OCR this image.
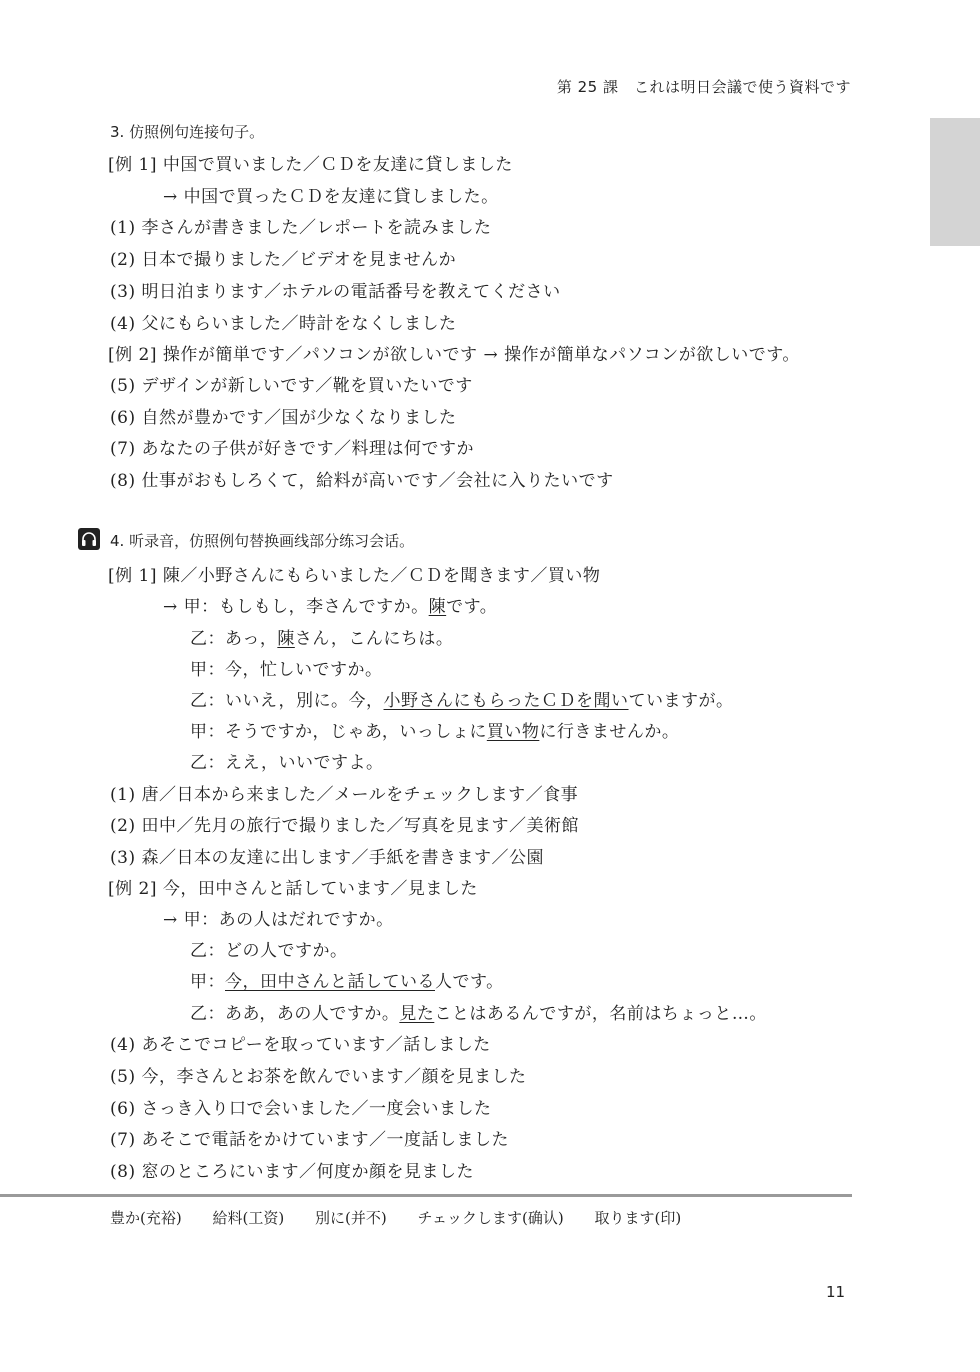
第 25 課　これは明日会議で使う資料です
3. 仿照例句连接句子。
[例 1] 中国で買いました／ＣＤを友達に貸しました
→ 中国で買ったＣＤを友達に貸しました。
(1) 李さんが書きました／レポートを読みました
(2) 日本で撮りました／ビデオを見ませんか
(3) 明日泊まります／ホテルの電話番号を教えてください
(4) 父にもらいました／時計をなくしました
[例 2] 操作が簡単です／パソコンが欲しいです → 操作が簡単なパソコンが欲しいです。
(5) デザインが新しいです／靴を買いたいです
(6) 自然が豊かです／国が少なくなりました
(7) あなたの子供が好きです／料理は何ですか
(8) 仕事がおもしろくて，給料が高いです／会社に入りたいです
4. 听录音，仿照例句替换画线部分练习会话。
[例 1] 陳／小野さんにもらいました／ＣＤを聞きます／買い物
→ 甲：もしもし，李さんですか。陳です。
乙：あっ，陳さん，こんにちは。
甲：今，忙しいですか。
乙：いいえ，別に。今，小野さんにもらったＣＤを聞いていますが。
甲：そうですか，じゃあ，いっしょに買い物に行きませんか。
乙：ええ，いいですよ。
(1) 唐／日本から来ました／メールをチェックします／食事
(2) 田中／先月の旅行で撮りました／写真を見ます／美術館
(3) 森／日本の友達に出します／手紙を書きます／公園
[例 2] 今，田中さんと話しています／見ました
→ 甲：あの人はだれですか。
乙：どの人ですか。
甲：今，田中さんと話している人です。
乙：ああ，あの人ですか。見たことはあるんですが，名前はちょっと…。
(4) あそこでコピーを取っています／話しました
(5) 今，李さんとお茶を飲んでいます／顔を見ました
(6) さっき入り口で会いました／一度会いました
(7) あそこで電話をかけています／一度話しました
(8) 窓のところにいます／何度か顔を見ました
豊か(充裕) 給料(工资) 別に(并不) チェックします(确认) 取ります(印)
11
